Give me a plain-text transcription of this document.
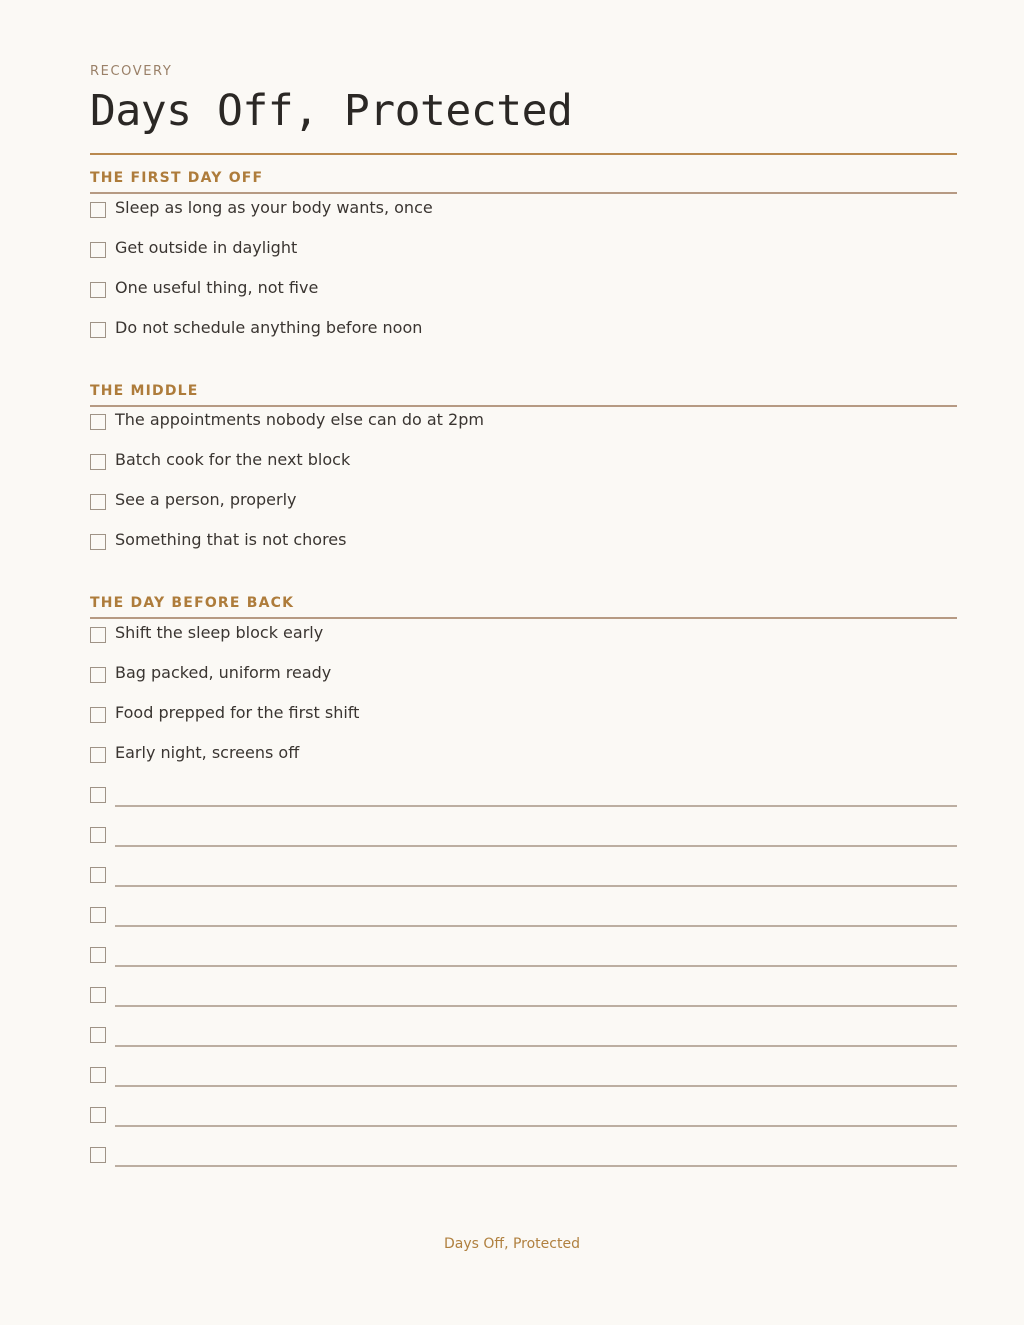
RECOVERY
Days Off, Protected
THE FIRST DAY OFF
Sleep as long as your body wants, once
Get outside in daylight
One useful thing, not five
Do not schedule anything before noon
THE MIDDLE
The appointments nobody else can do at 2pm
Batch cook for the next block
See a person, properly
Something that is not chores
THE DAY BEFORE BACK
Shift the sleep block early
Bag packed, uniform ready
Food prepped for the first shift
Early night, screens off
Days Off, Protected
